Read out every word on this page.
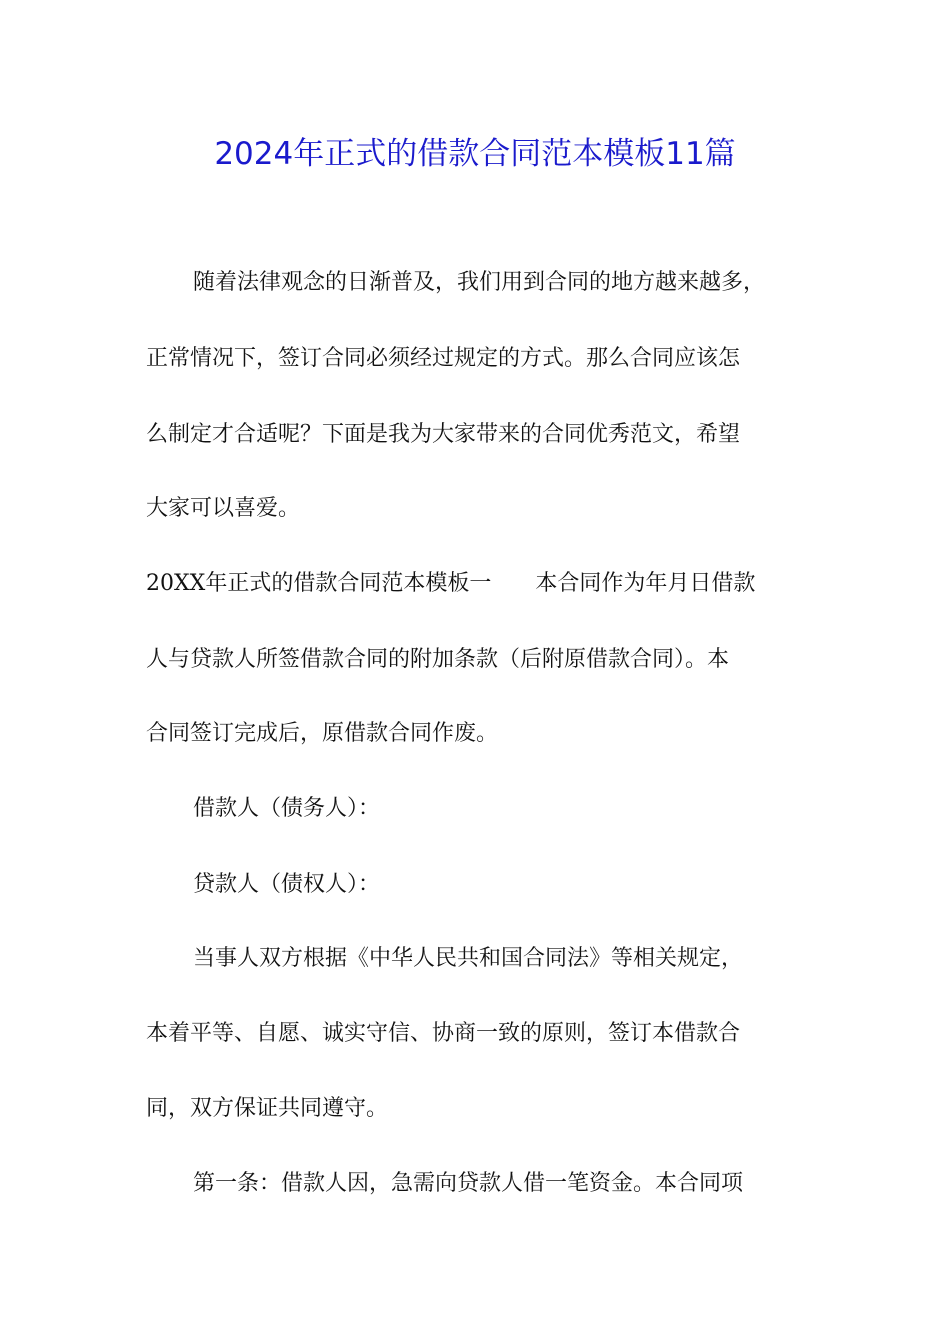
2024年正式的借款合同范本模板11篇
随着法律观念的日渐普及，我们用到合同的地方越来越多，
正常情况下，签订合同必须经过规定的方式。那么合同应该怎
么制定才合适呢？下面是我为大家带来的合同优秀范文，希望
大家可以喜爱。
20XX年正式的借款合同范本模板一　　本合同作为年月日借款
人与贷款人所签借款合同的附加条款（后附原借款合同）。本
合同签订完成后，原借款合同作废。
借款人（债务人）：
贷款人（债权人）：
当事人双方根据《中华人民共和国合同法》等相关规定，
本着平等、自愿、诚实守信、协商一致的原则，签订本借款合
同，双方保证共同遵守。
第一条：借款人因，急需向贷款人借一笔资金。本合同项
